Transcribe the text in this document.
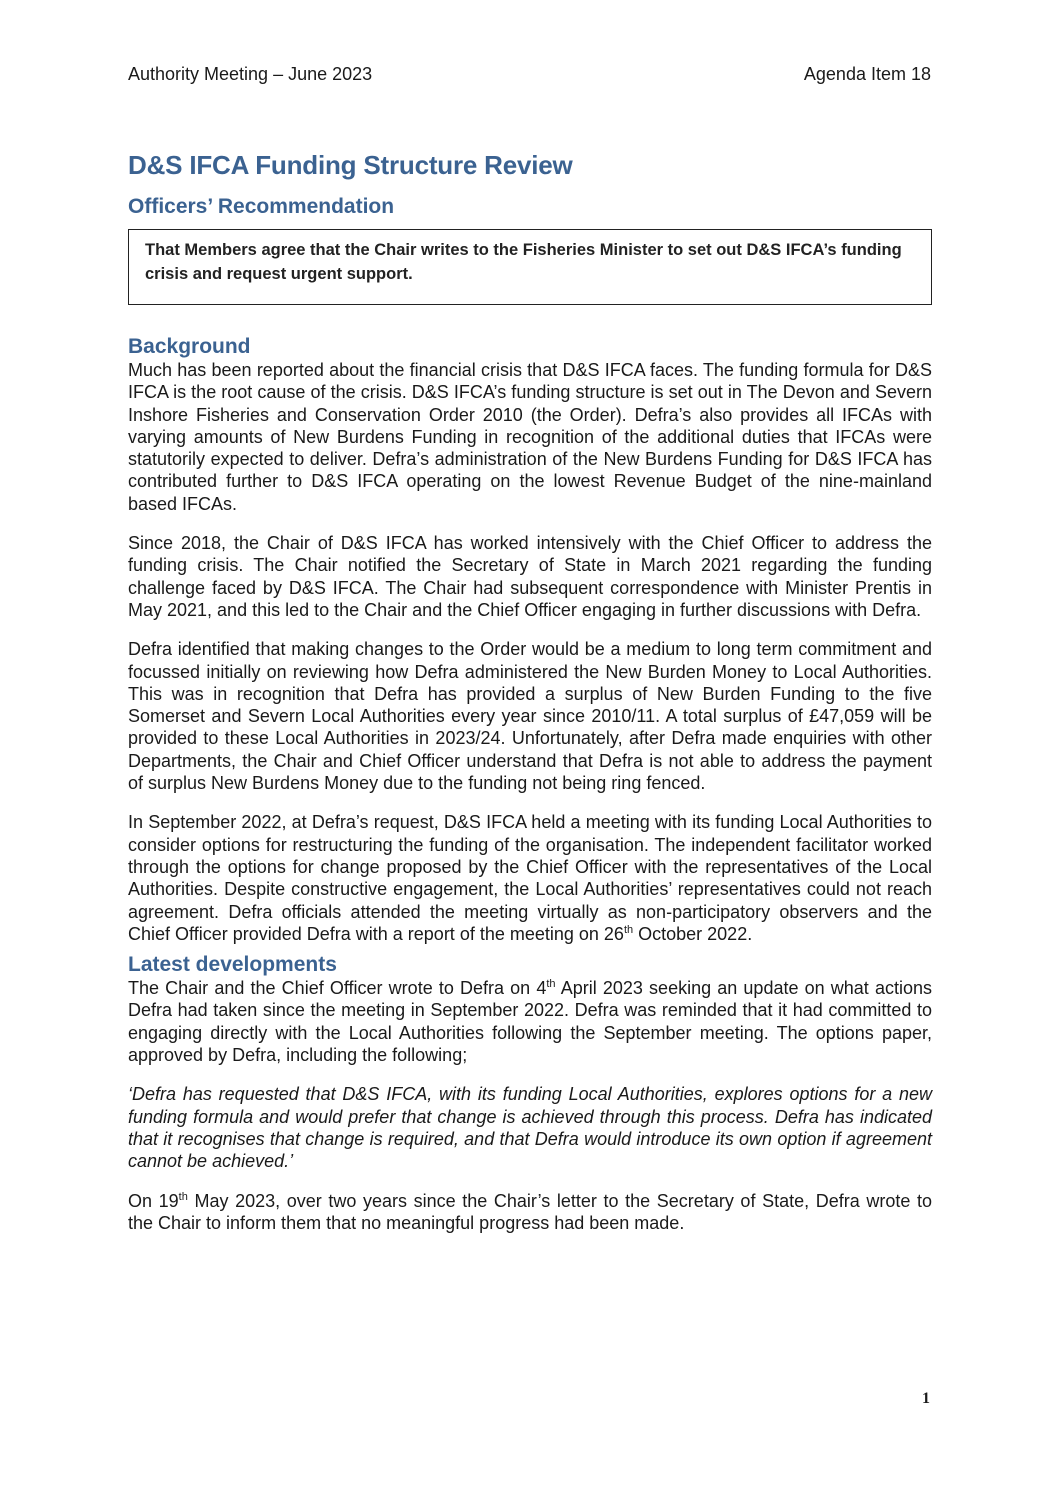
Authority Meeting – June 2023	Agenda Item 18
D&S IFCA Funding Structure Review
Officers’ Recommendation
That Members agree that the Chair writes to the Fisheries Minister to set out D&S IFCA’s funding crisis and request urgent support.
Background

Much has been reported about the financial crisis that D&S IFCA faces. The funding formula for D&S IFCA is the root cause of the crisis. D&S IFCA’s funding structure is set out in The Devon and Severn Inshore Fisheries and Conservation Order 2010 (the Order). Defra’s also provides all IFCAs with varying amounts of New Burdens Funding in recognition of the additional duties that IFCAs were statutorily expected to deliver. Defra’s administration of the New Burdens Funding for D&S IFCA has contributed further to D&S IFCA operating on the lowest Revenue Budget of the nine-mainland based IFCAs.

Since 2018, the Chair of D&S IFCA has worked intensively with the Chief Officer to address the funding crisis. The Chair notified the Secretary of State in March 2021 regarding the funding challenge faced by D&S IFCA. The Chair had subsequent correspondence with Minister Prentis in May 2021, and this led to the Chair and the Chief Officer engaging in further discussions with Defra.

Defra identified that making changes to the Order would be a medium to long term commitment and focussed initially on reviewing how Defra administered the New Burden Money to Local Authorities. This was in recognition that Defra has provided a surplus of New Burden Funding to the five Somerset and Severn Local Authorities every year since 2010/11. A total surplus of £47,059 will be provided to these Local Authorities in 2023/24. Unfortunately, after Defra made enquiries with other Departments, the Chair and Chief Officer understand that Defra is not able to address the payment of surplus New Burdens Money due to the funding not being ring fenced.

In September 2022, at Defra’s request, D&S IFCA held a meeting with its funding Local Authorities to consider options for restructuring the funding of the organisation. The independent facilitator worked through the options for change proposed by the Chief Officer with the representatives of the Local Authorities. Despite constructive engagement, the Local Authorities’ representatives could not reach agreement. Defra officials attended the meeting virtually as non-participatory observers and the Chief Officer provided Defra with a report of the meeting on 26th October 2022.

Latest developments

The Chair and the Chief Officer wrote to Defra on 4th April 2023 seeking an update on what actions Defra had taken since the meeting in September 2022. Defra was reminded that it had committed to engaging directly with the Local Authorities following the September meeting. The options paper, approved by Defra, including the following;

‘Defra has requested that D&S IFCA, with its funding Local Authorities, explores options for a new funding formula and would prefer that change is achieved through this process. Defra has indicated that it recognises that change is required, and that Defra would introduce its own option if agreement cannot be achieved.’

On 19th May 2023, over two years since the Chair’s letter to the Secretary of State, Defra wrote to the Chair to inform them that no meaningful progress had been made.

1
